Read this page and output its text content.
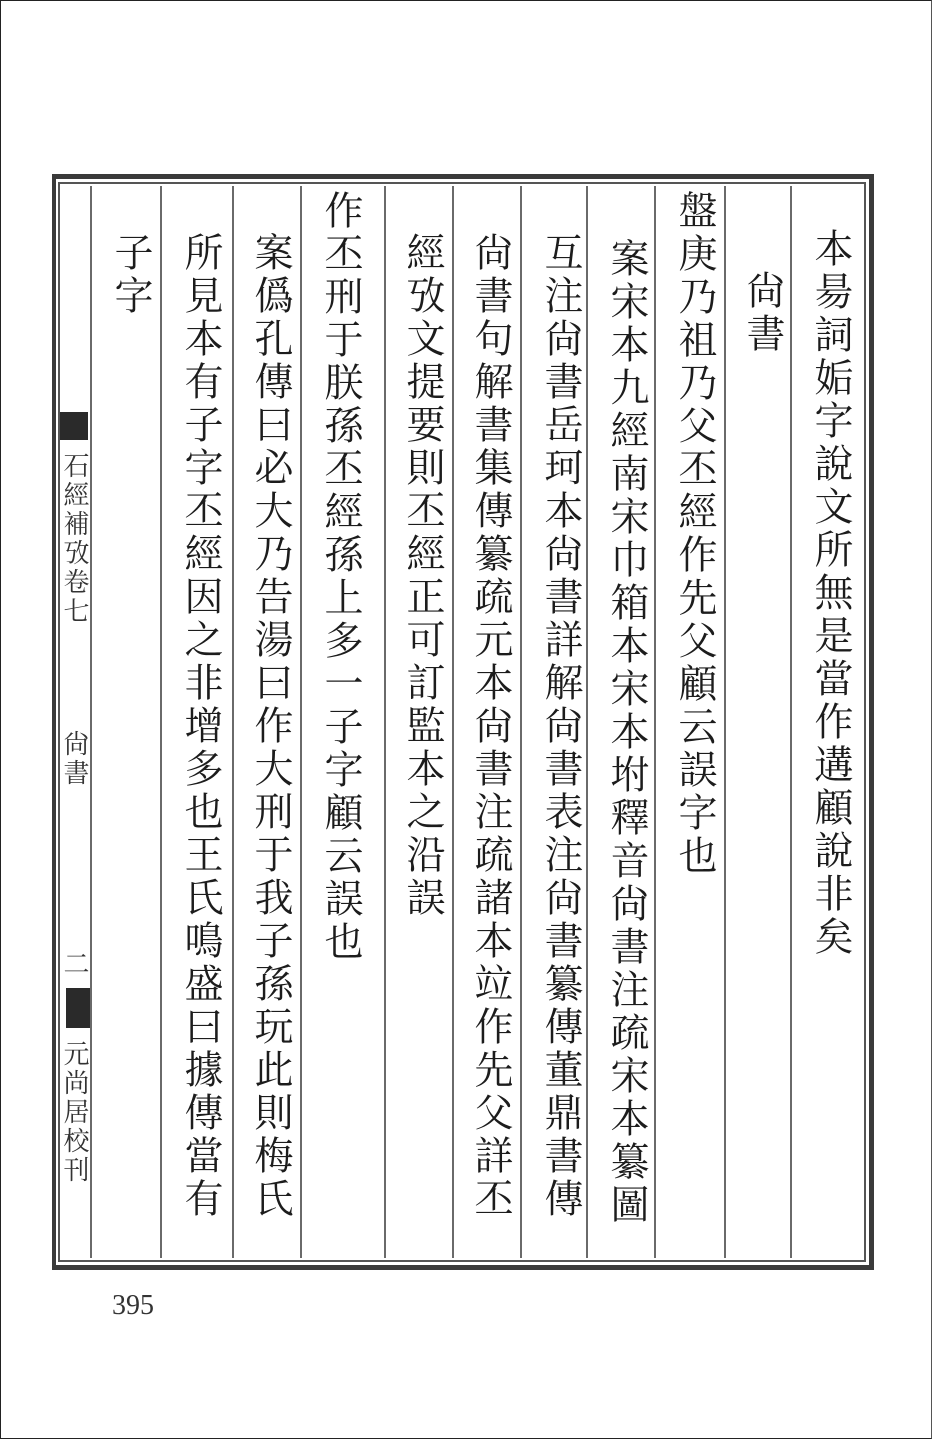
本昜詞姤字說文所無是當作遘顧說非矣
尙書
盤庚乃祖乃父丕經作先父顧云誤字也
案宋本九經南宋巾箱本宋本坿釋音尙書注疏宋本纂圖
互注尙書岳珂本尙書詳解尙書表注尙書纂傳董鼎書傳
尙書句解書集傳纂疏元本尙書注疏諸本竝作先父詳丕
經攷文提要則丕經正可訂監本之沿誤
作丕刑于朕孫丕經孫上多一子字顧云誤也
案僞孔傳曰必大乃告湯曰作大刑于我子孫玩此則梅氏
所見本有子字丕經因之非增多也王氏鳴盛曰據傳當有
子字
石經補攷卷七
尙書
二
元尚居校刊
395
